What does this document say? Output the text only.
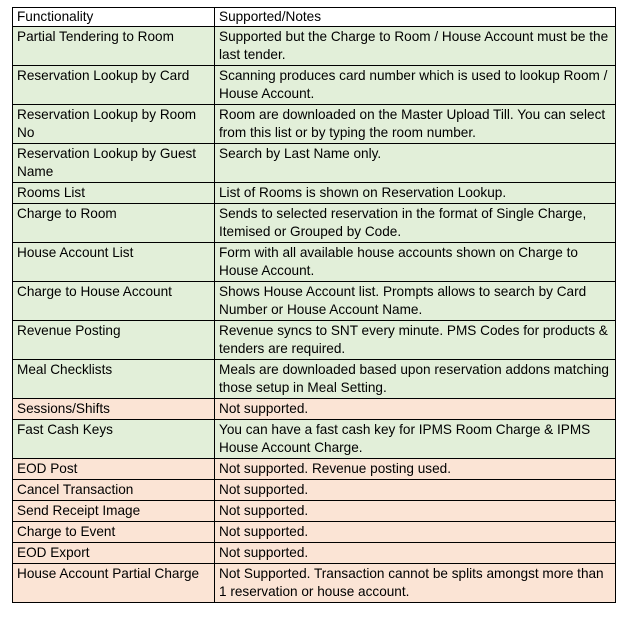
Functionality	Supported/Notes
Partial Tendering to Room	Supported but the Charge to Room / House Account must be the last tender.
Reservation Lookup by Card	Scanning produces card number which is used to lookup Room / House Account.
Reservation Lookup by Room No	Room are downloaded on the Master Upload Till. You can select from this list or by typing the room number.
Reservation Lookup by Guest Name	Search by Last Name only.
Rooms List	List of Rooms is shown on Reservation Lookup.
Charge to Room	Sends to selected reservation in the format of Single Charge, Itemised or Grouped by Code.
House Account List	Form with all available house accounts shown on Charge to House Account.
Charge to House Account	Shows House Account list. Prompts allows to search by Card Number or House Account Name.
Revenue Posting	Revenue syncs to SNT every minute. PMS Codes for products & tenders are required.
Meal Checklists	Meals are downloaded based upon reservation addons matching those setup in Meal Setting.
Sessions/Shifts	Not supported.
Fast Cash Keys	You can have a fast cash key for IPMS Room Charge & IPMS House Account Charge.
EOD Post	Not supported. Revenue posting used.
Cancel Transaction	Not supported.
Send Receipt Image	Not supported.
Charge to Event	Not supported.
EOD Export	Not supported.
House Account Partial Charge	Not Supported. Transaction cannot be splits amongst more than 1 reservation or house account.
